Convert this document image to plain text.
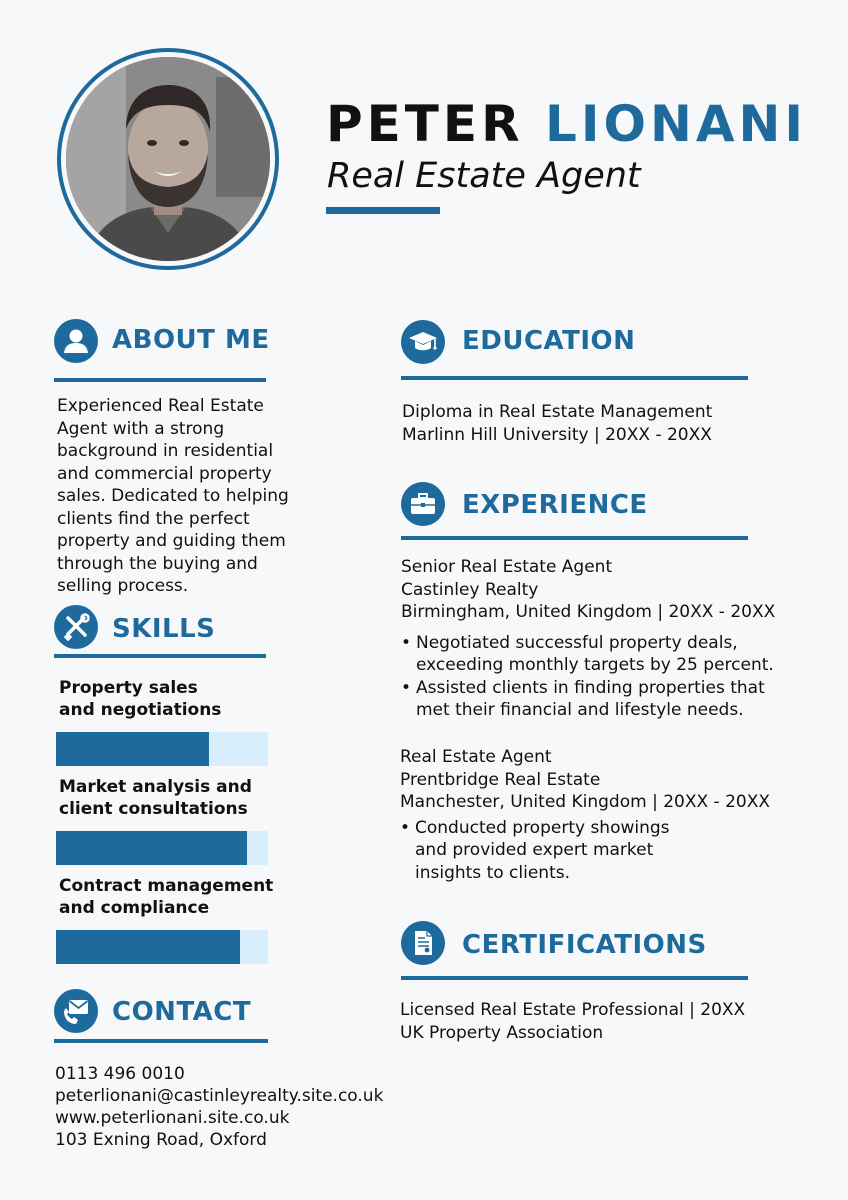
PETER LIONANI
Real Estate Agent
ABOUT ME
Experienced Real Estate
Agent with a strong
background in residential
and commercial property
sales. Dedicated to helping
clients find the perfect
property and guiding them
through the buying and
selling process.
SKILLS
Property sales
and negotiations
Market analysis and
client consultations
Contract management
and compliance
CONTACT
0113 496 0010
peterlionani@castinleyrealty.site.co.uk
www.peterlionani.site.co.uk
103 Exning Road, Oxford
EDUCATION
Diploma in Real Estate Management
Marlinn Hill University | 20XX - 20XX
EXPERIENCE
Senior Real Estate Agent
Castinley Realty
Birmingham, United Kingdom | 20XX - 20XX
• Negotiated successful property deals,
exceeding monthly targets by 25 percent.
• Assisted clients in finding properties that
met their financial and lifestyle needs.
Real Estate Agent
Prentbridge Real Estate
Manchester, United Kingdom | 20XX - 20XX
• Conducted property showings
and provided expert market
insights to clients.
CERTIFICATIONS
Licensed Real Estate Professional | 20XX
UK Property Association
